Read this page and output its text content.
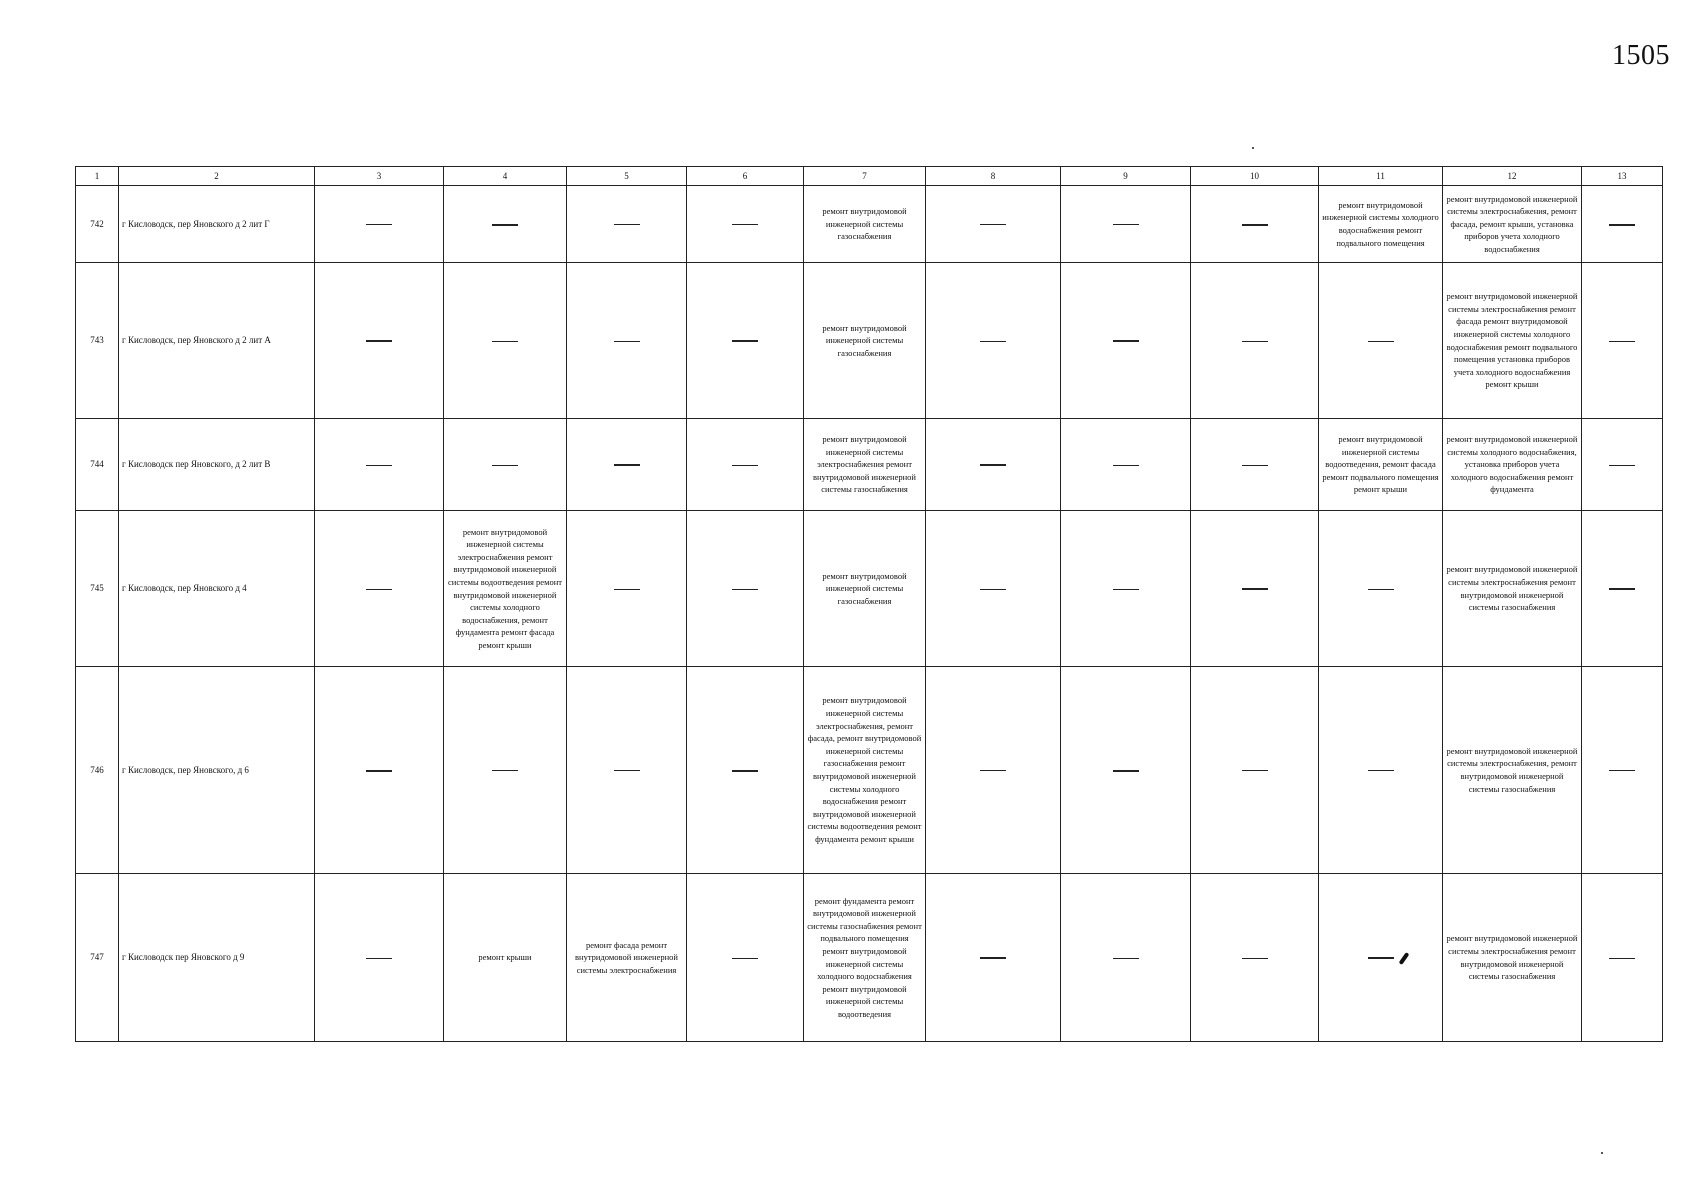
1505
1	2	3	4	5	6	7	8	9	10	11	12	13
742	г Кисловодск, пер Яновского д 2 лит Г					ремонт внутридомовой инженерной системы газоснабжения				ремонт внутридомовой инженерной системы холодного водоснабжения ремонт подвального помещения	ремонт внутридомовой инженерной системы электроснабжения, ремонт фасада, ремонт крыши, установка приборов учета холодного водоснабжения	
743	г Кисловодск, пер Яновского д 2 лит А					ремонт внутридомовой инженерной системы газоснабжения					ремонт внутридомовой инженерной системы электроснабжения ремонт фасада ремонт внутридомовой инженерной системы холодного водоснабжения ремонт подвального помещения установка приборов учета холодного водоснабжения ремонт крыши	
744	г Кисловодск пер Яновского, д 2 лит В					ремонт внутридомовой инженерной системы электроснабжения ремонт внутридомовой инженерной системы газоснабжения				ремонт внутридомовой инженерной системы водоотведения, ремонт фасада ремонт подвального помещения ремонт крыши	ремонт внутридомовой инженерной системы холодного водоснабжения, установка приборов учета холодного водоснабжения ремонт фундамента	
745	г Кисловодск, пер Яновского д 4		ремонт внутридомовой инженерной системы электроснабжения ремонт внутридомовой инженерной системы водоотведения ремонт внутридомовой инженерной системы холодного водоснабжения, ремонт фундамента ремонт фасада ремонт крыши			ремонт внутридомовой инженерной системы газоснабжения					ремонт внутридомовой инженерной системы электроснабжения ремонт внутридомовой инженерной системы газоснабжения	
746	г Кисловодск, пер Яновского, д 6					ремонт внутридомовой инженерной системы электроснабжения, ремонт фасада, ремонт внутридомовой инженерной системы газоснабжения ремонт внутридомовой инженерной системы холодного водоснабжения ремонт внутридомовой инженерной системы водоотведения ремонт фундамента ремонт крыши					ремонт внутридомовой инженерной системы электроснабжения, ремонт внутридомовой инженерной системы газоснабжения	
747	г Кисловодск пер Яновского д 9		ремонт крыши	ремонт фасада ремонт внутридомовой инженерной системы электроснабжения		ремонт фундамента ремонт внутридомовой инженерной системы газоснабжения ремонт подвального помещения ремонт внутридомовой инженерной системы холодного водоснабжения ремонт внутридомовой инженерной системы водоотведения					ремонт внутридомовой инженерной системы электроснабжения ремонт внутридомовой инженерной системы газоснабжения	
